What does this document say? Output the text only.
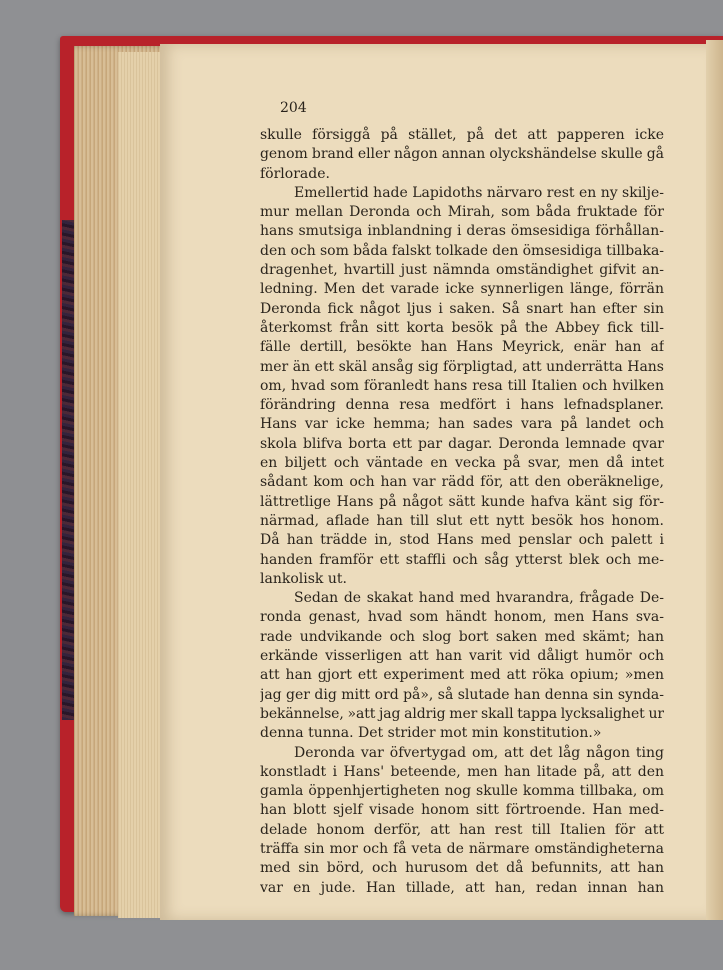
204
skulle försiggå på stället, på det att papperen icke
genom brand eller någon annan olyckshändelse skulle gå
förlorade.
Emellertid hade Lapidoths närvaro rest en ny skilje-
mur mellan Deronda och Mirah, som båda fruktade för
hans smutsiga inblandning i deras ömsesidiga förhållan-
den och som båda falskt tolkade den ömsesidiga tillbaka-
dragenhet, hvartill just nämnda omständighet gifvit an-
ledning. Men det varade icke synnerligen länge, förrän
Deronda fick något ljus i saken. Så snart han efter sin
återkomst från sitt korta besök på the Abbey fick till-
fälle dertill, besökte han Hans Meyrick, enär han af
mer än ett skäl ansåg sig förpligtad, att underrätta Hans
om, hvad som föranledt hans resa till Italien och hvilken
förändring denna resa medfört i hans lefnadsplaner.
Hans var icke hemma; han sades vara på landet och
skola blifva borta ett par dagar. Deronda lemnade qvar
en biljett och väntade en vecka på svar, men då intet
sådant kom och han var rädd för, att den oberäknelige,
lättretlige Hans på något sätt kunde hafva känt sig för-
närmad, aflade han till slut ett nytt besök hos honom.
Då han trädde in, stod Hans med penslar och palett i
handen framför ett staffli och såg ytterst blek och me-
lankolisk ut.
Sedan de skakat hand med hvarandra, frågade De-
ronda genast, hvad som händt honom, men Hans sva-
rade undvikande och slog bort saken med skämt; han
erkände visserligen att han varit vid dåligt humör och
att han gjort ett experiment med att röka opium; »men
jag ger dig mitt ord på», så slutade han denna sin synda-
bekännelse, »att jag aldrig mer skall tappa lycksalighet ur
denna tunna. Det strider mot min konstitution.»
Deronda var öfvertygad om, att det låg någon ting
konstladt i Hans' beteende, men han litade på, att den
gamla öppenhjertigheten nog skulle komma tillbaka, om
han blott sjelf visade honom sitt förtroende. Han med-
delade honom derför, att han rest till Italien för att
träffa sin mor och få veta de närmare omständigheterna
med sin börd, och hurusom det då befunnits, att han
var en jude. Han tillade, att han, redan innan han
